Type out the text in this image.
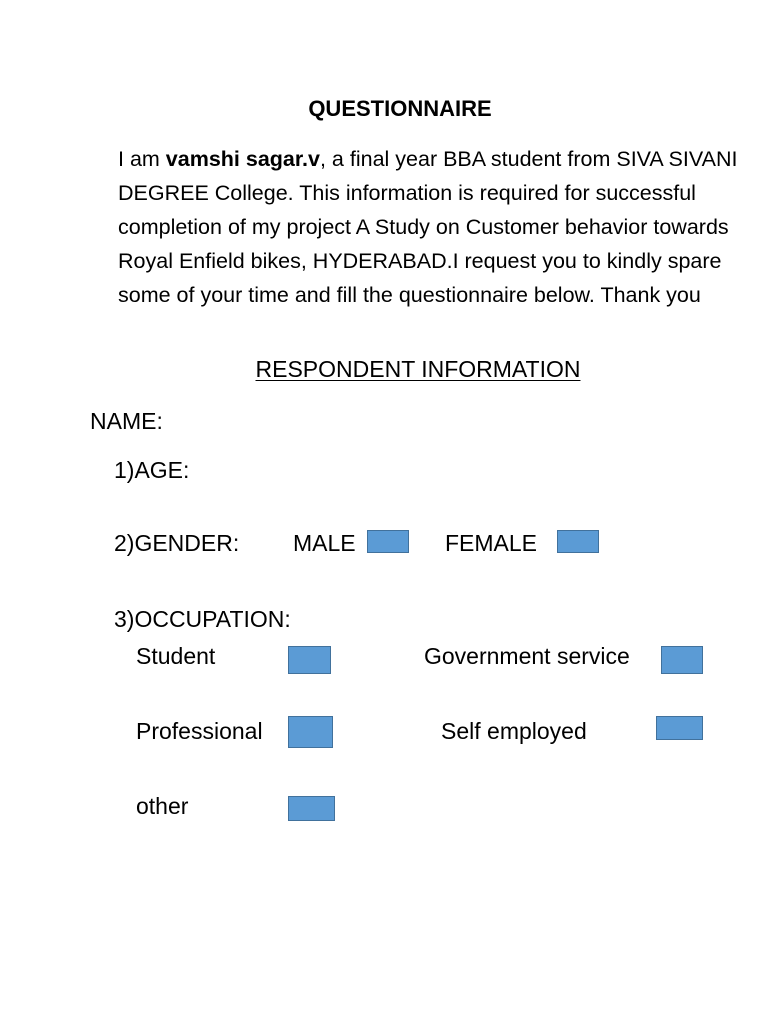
QUESTIONNAIRE
I am vamshi sagar.v, a final year BBA student from SIVA SIVANI DEGREE College. This information is required for successful completion of my project A Study on Customer behavior towards Royal Enfield bikes, HYDERABAD.I request you to kindly spare some of your time and fill the questionnaire below. Thank you
RESPONDENT INFORMATION
NAME:
1)AGE:
2)GENDER: MALE	FEMALE
3)OCCUPATION:
Student	Government service
Professional	Self employed
other
